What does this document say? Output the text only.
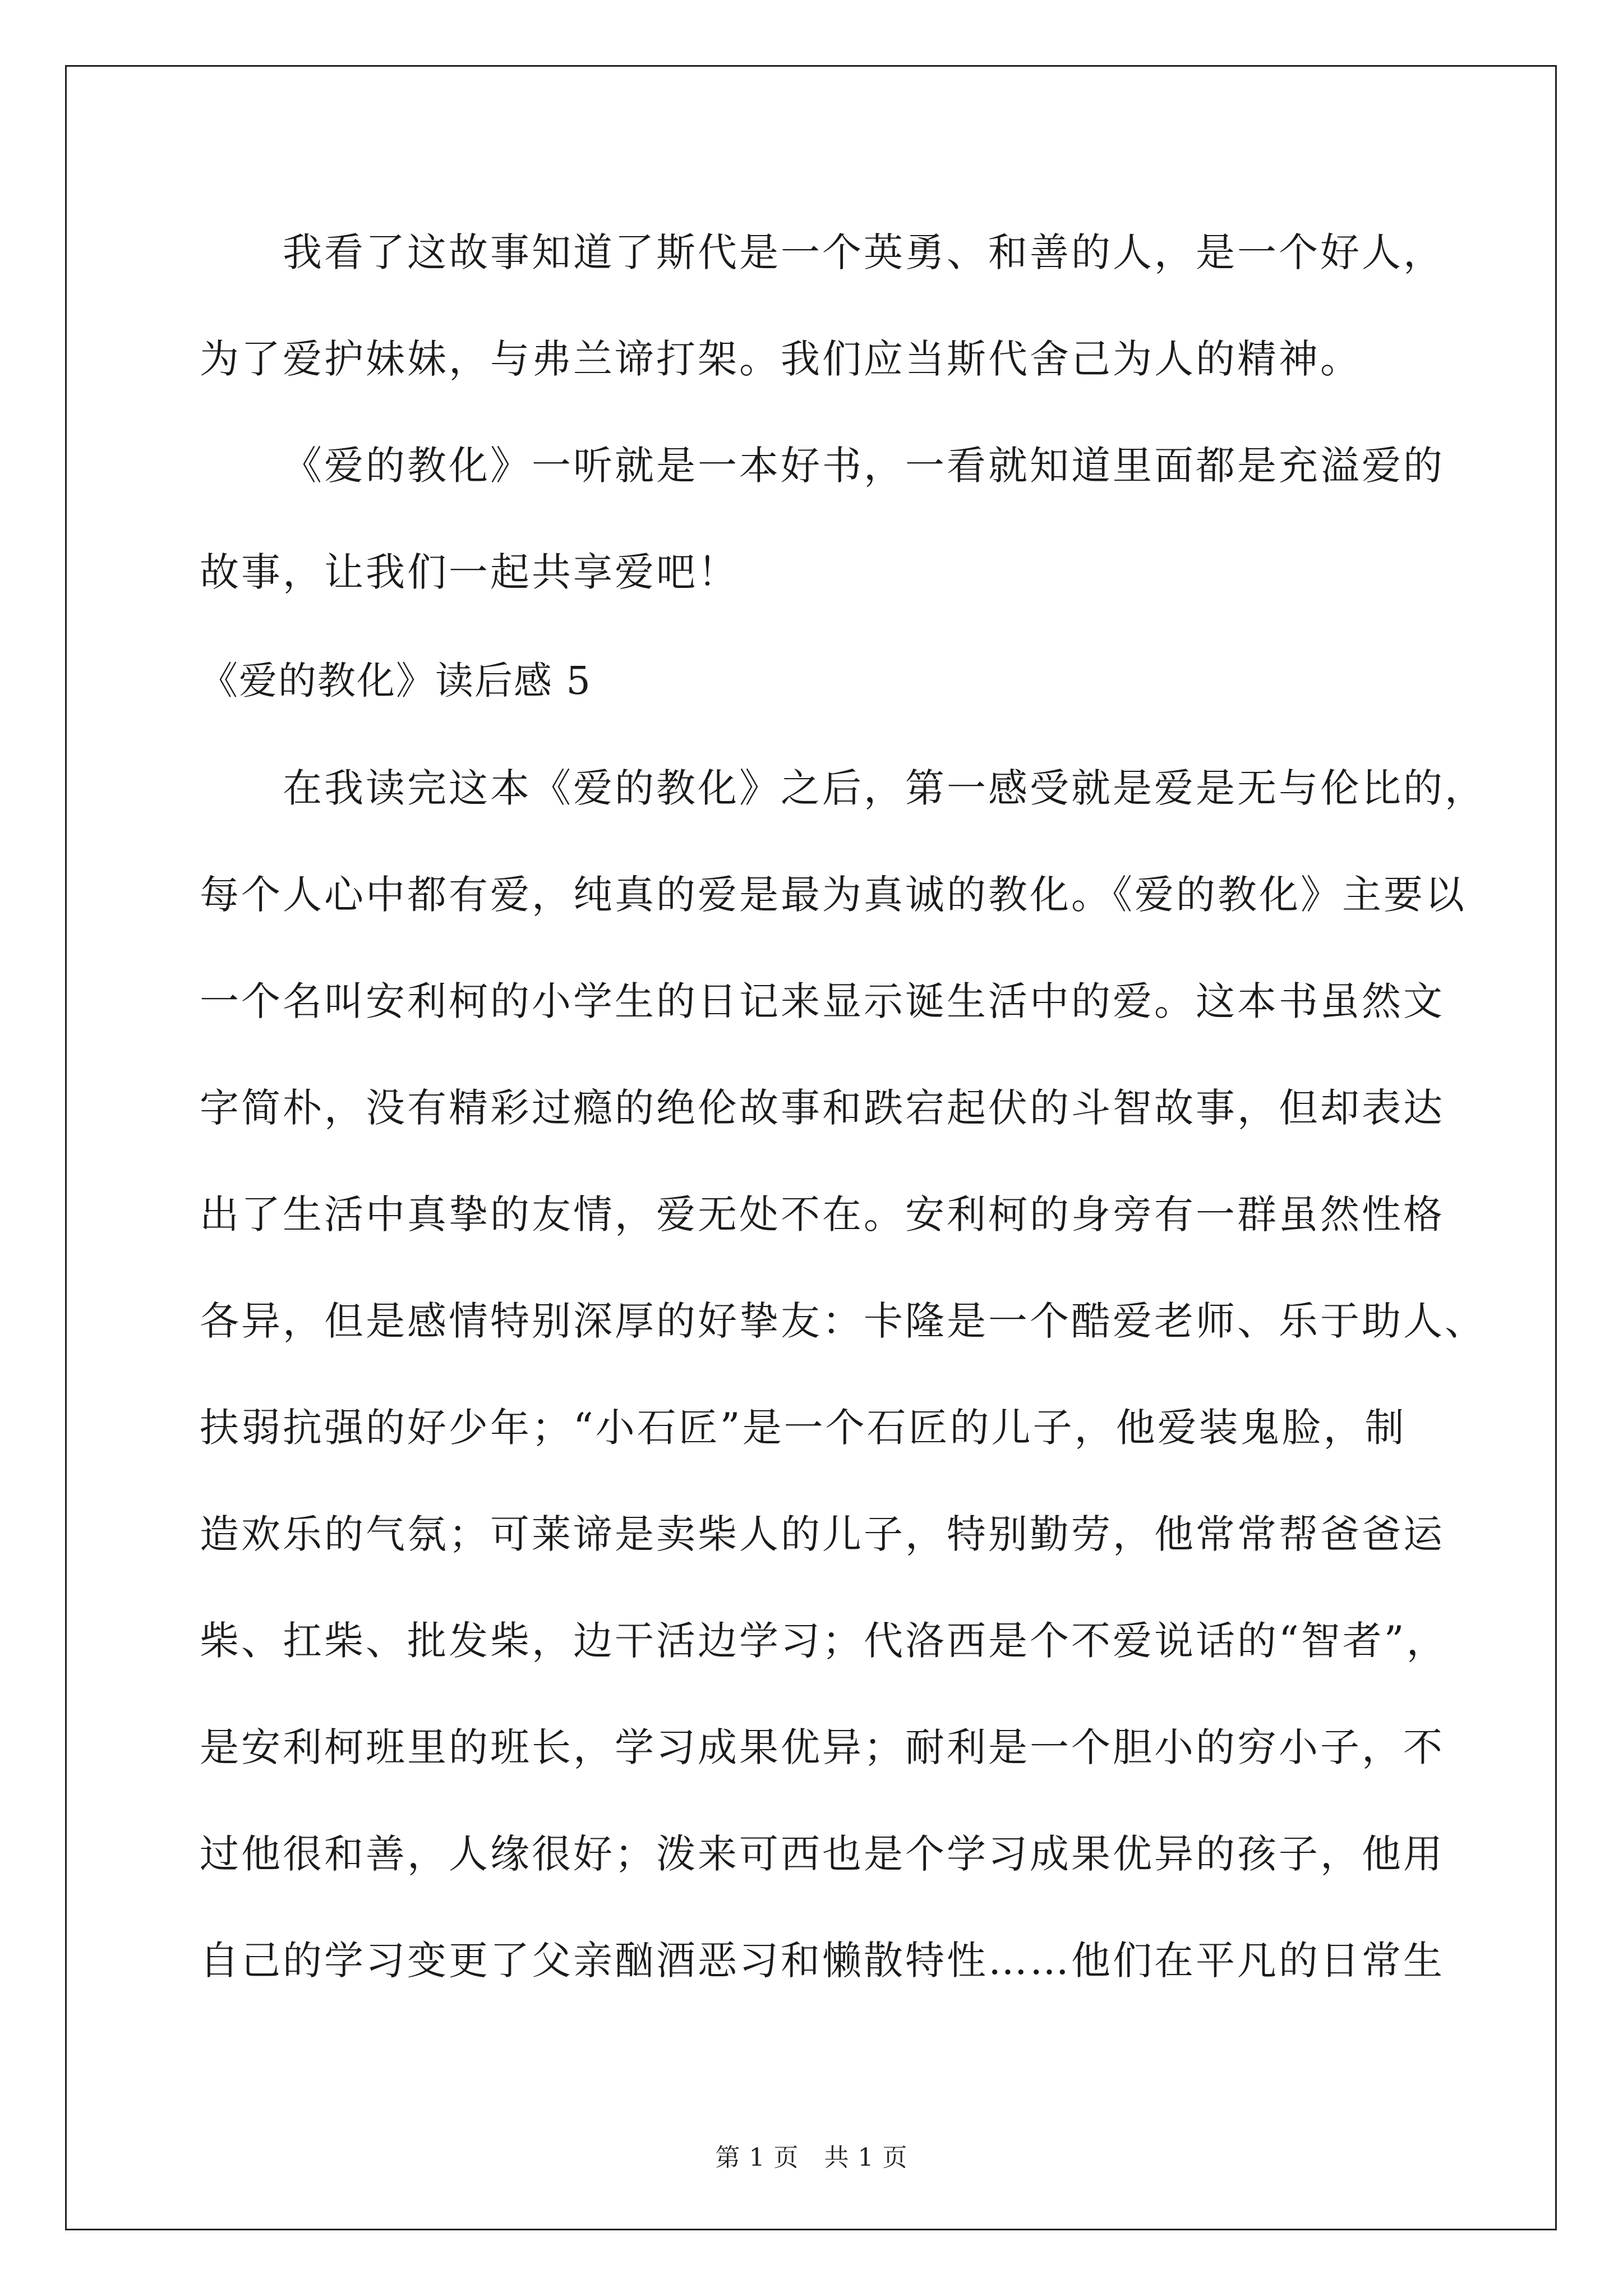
我看了这故事知道了斯代是一个英勇、和善的人，是一个好人，
为了爱护妹妹，与弗兰谛打架。我们应当斯代舍己为人的精神。
《爱的教化》一听就是一本好书，一看就知道里面都是充溢爱的
故事，让我们一起共享爱吧！
《爱的教化》读后感 5
在我读完这本《爱的教化》之后，第一感受就是爱是无与伦比的，
每个人心中都有爱，纯真的爱是最为真诚的教化。《爱的教化》主要以
一个名叫安利柯的小学生的日记来显示诞生活中的爱。这本书虽然文
字简朴，没有精彩过瘾的绝伦故事和跌宕起伏的斗智故事，但却表达
出了生活中真挚的友情，爱无处不在。安利柯的身旁有一群虽然性格
各异，但是感情特别深厚的好挚友：卡隆是一个酷爱老师、乐于助人、
扶弱抗强的好少年；“小石匠”是一个石匠的儿子，他爱装鬼脸，制
造欢乐的气氛；可莱谛是卖柴人的儿子，特别勤劳，他常常帮爸爸运
柴、扛柴、批发柴，边干活边学习；代洛西是个不爱说话的“智者”，
是安利柯班里的班长，学习成果优异；耐利是一个胆小的穷小子，不
过他很和善，人缘很好；泼来可西也是个学习成果优异的孩子，他用
自己的学习变更了父亲酗酒恶习和懒散特性……他们在平凡的日常生
第 1 页　共 1 页
